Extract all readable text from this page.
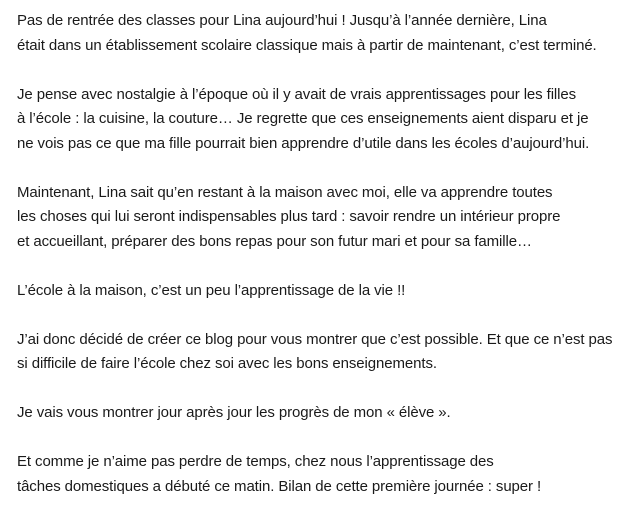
Pas de rentrée des classes pour Lina aujourd’hui ! Jusqu’à l’année dernière, Lina
était dans un établissement scolaire classique mais à partir de maintenant, c’est terminé.

Je pense avec nostalgie à l’époque où il y avait de vrais apprentissages pour les filles
à l’école : la cuisine, la couture… Je regrette que ces enseignements aient disparu et je
ne vois pas ce que ma fille pourrait bien apprendre d’utile dans les écoles d’aujourd’hui.

Maintenant, Lina sait qu’en restant à la maison avec moi, elle va apprendre toutes
les choses qui lui seront indispensables plus tard : savoir rendre un intérieur propre
et accueillant, préparer des bons repas pour son futur mari et pour sa famille…

L’école à la maison, c’est un peu l’apprentissage de la vie !!

J’ai donc décidé de créer ce blog pour vous montrer que c’est possible. Et que ce n’est pas
si difficile de faire l’école chez soi avec les bons enseignements.

Je vais vous montrer jour après jour les progrès de mon « élève ».

Et comme je n’aime pas perdre de temps, chez nous l’apprentissage des
tâches domestiques a débuté ce matin. Bilan de cette première journée : super !
